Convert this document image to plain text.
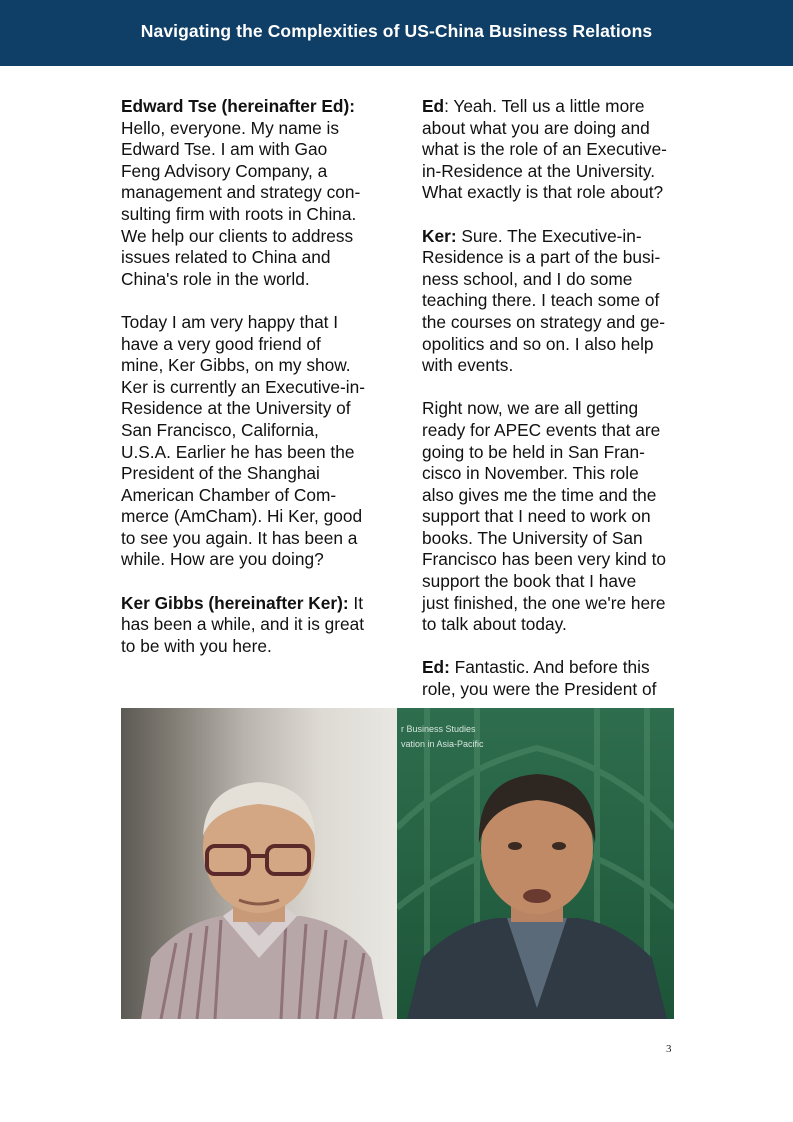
Navigating the Complexities of US-China Business Relations

Edward Tse (hereinafter Ed):
Hello, everyone. My name is
Edward Tse. I am with Gao
Feng Advisory Company, a
management and strategy con-
sulting firm with roots in China.
We help our clients to address
issues related to China and
China's role in the world.

Today I am very happy that I
have a very good friend of
mine, Ker Gibbs, on my show.
Ker is currently an Executive-in-
Residence at the University of
San Francisco, California,
U.S.A. Earlier he has been the
President of the Shanghai
American Chamber of Com-
merce (AmCham). Hi Ker, good
to see you again. It has been a
while. How are you doing?

Ker Gibbs (hereinafter Ker): It
has been a while, and it is great
to be with you here.

Ed: Yeah. Tell us a little more
about what you are doing and
what is the role of an Executive-
in-Residence at the University.
What exactly is that role about?

Ker: Sure. The Executive-in-
Residence is a part of the busi-
ness school, and I do some
teaching there. I teach some of
the courses on strategy and ge-
opolitics and so on. I also help
with events.

Right now, we are all getting
ready for APEC events that are
going to be held in San Fran-
cisco in November. This role
also gives me the time and the
support that I need to work on
books. The University of San
Francisco has been very kind to
support the book that I have
just finished, the one we're here
to talk about today.

Ed: Fantastic. And before this
role, you were the President of

r Business Studies
vation in Asia-Pacific
3
